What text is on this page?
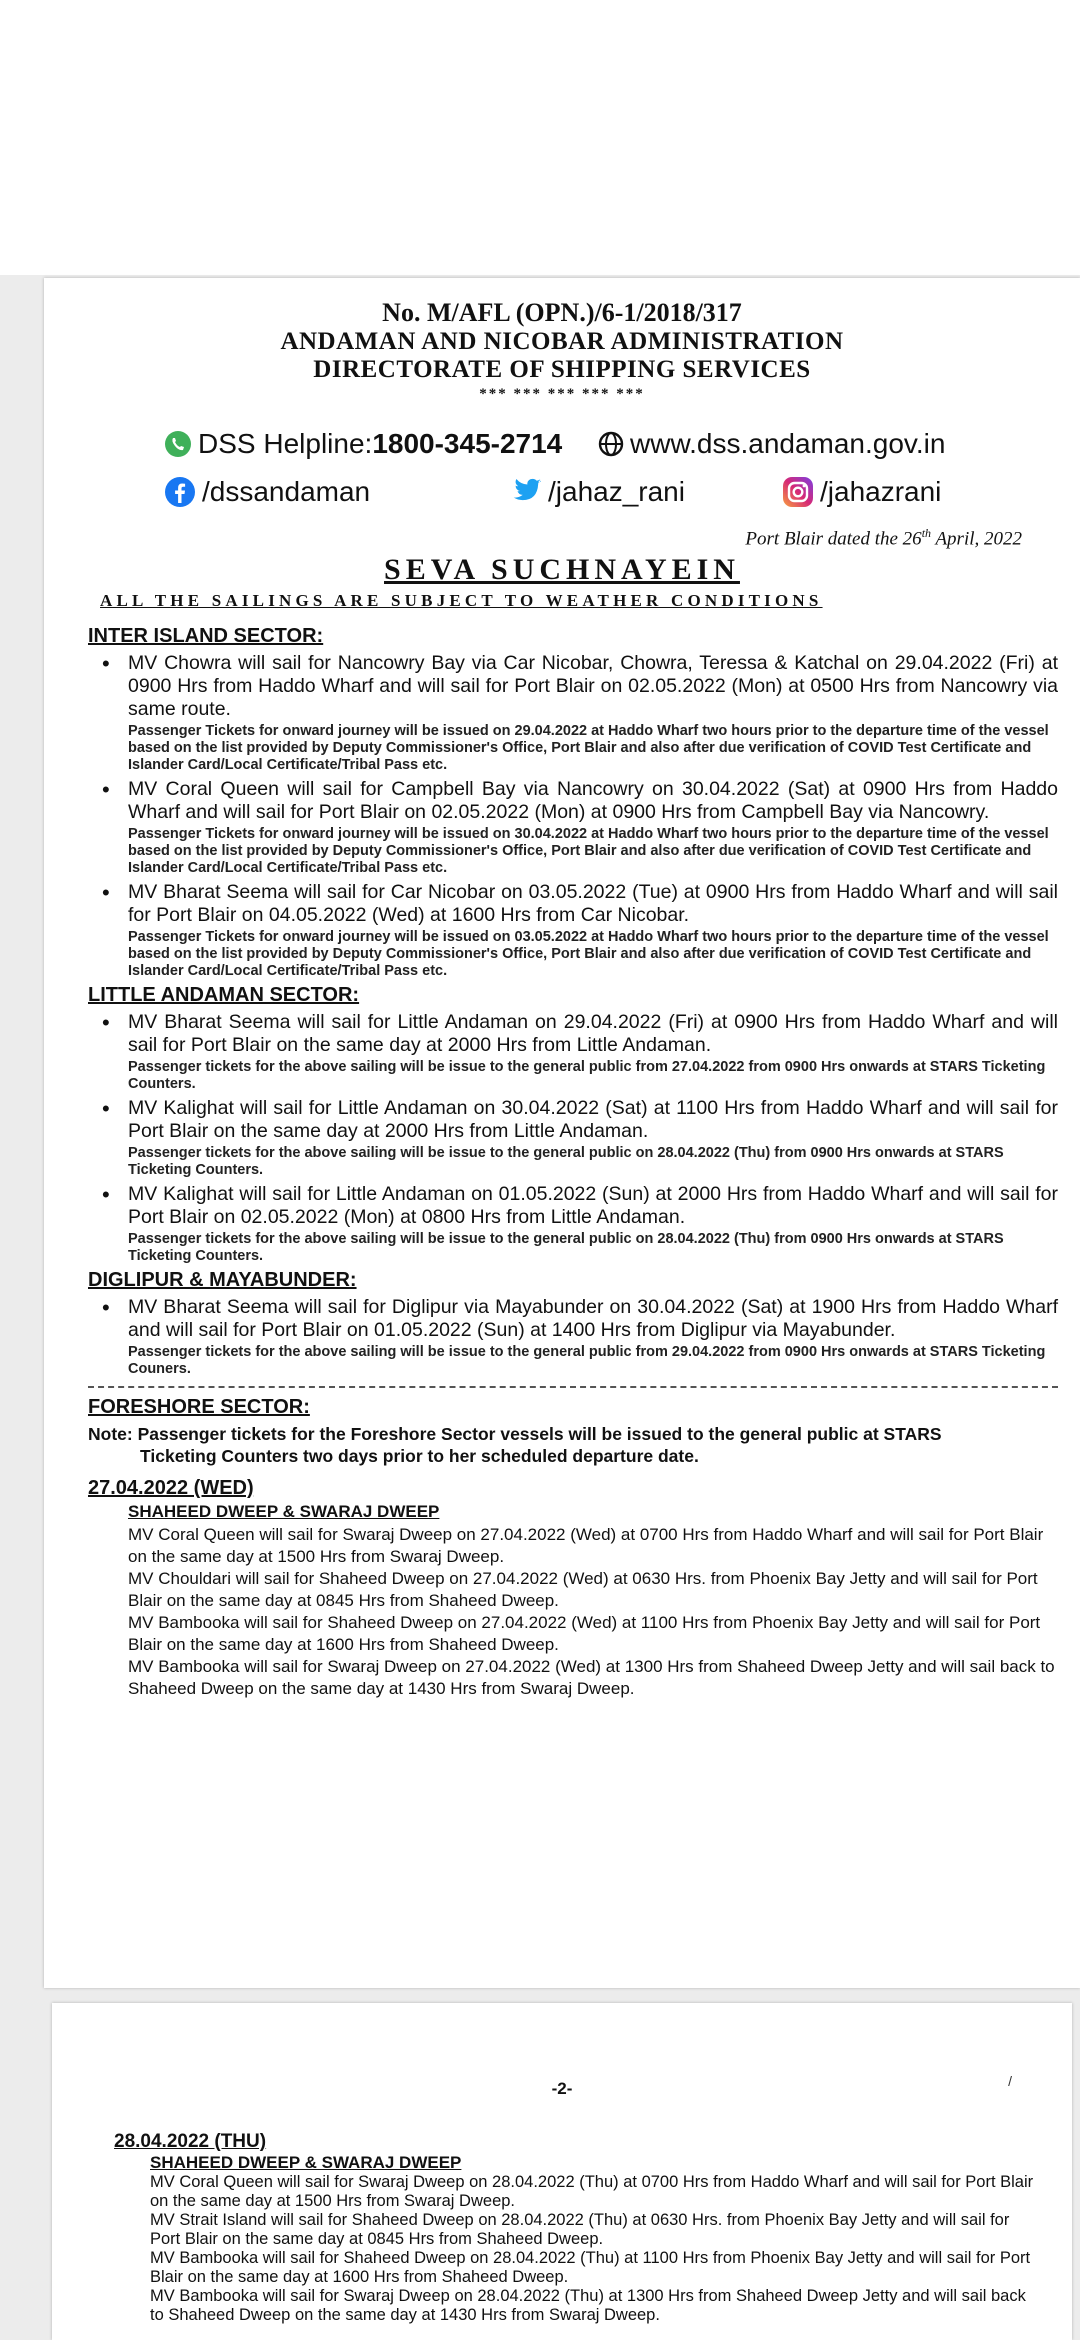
No. M/AFL (OPN.)/6-1/2018/317
ANDAMAN AND NICOBAR ADMINISTRATION
DIRECTORATE OF SHIPPING SERVICES
*** *** *** *** ***
DSS Helpline: 1800-345-2714 www.dss.andaman.gov.in
/dssandaman	/jahaz_rani	/jahazrani
Port Blair dated the 26th April, 2022
SEVA SUCHNAYEIN
ALL THE SAILINGS ARE SUBJECT TO WEATHER CONDITIONS
INTER ISLAND SECTOR:
• MV Chowra will sail for Nancowry Bay via Car Nicobar, Chowra, Teressa & Katchal on 29.04.2022 (Fri) at 0900 Hrs from Haddo Wharf and will sail for Port Blair on 02.05.2022 (Mon) at 0500 Hrs from Nancowry via same route.
Passenger Tickets for onward journey will be issued on 29.04.2022 at Haddo Wharf two hours prior to the departure time of the vessel based on the list provided by Deputy Commissioner's Office, Port Blair and also after due verification of COVID Test Certificate and Islander Card/Local Certificate/Tribal Pass etc.
• MV Coral Queen will sail for Campbell Bay via Nancowry on 30.04.2022 (Sat) at 0900 Hrs from Haddo Wharf and will sail for Port Blair on 02.05.2022 (Mon) at 0900 Hrs from Campbell Bay via Nancowry.
Passenger Tickets for onward journey will be issued on 30.04.2022 at Haddo Wharf two hours prior to the departure time of the vessel based on the list provided by Deputy Commissioner's Office, Port Blair and also after due verification of COVID Test Certificate and Islander Card/Local Certificate/Tribal Pass etc.
• MV Bharat Seema will sail for Car Nicobar on 03.05.2022 (Tue) at 0900 Hrs from Haddo Wharf and will sail for Port Blair on 04.05.2022 (Wed) at 1600 Hrs from Car Nicobar.
Passenger Tickets for onward journey will be issued on 03.05.2022 at Haddo Wharf two hours prior to the departure time of the vessel based on the list provided by Deputy Commissioner's Office, Port Blair and also after due verification of COVID Test Certificate and Islander Card/Local Certificate/Tribal Pass etc.
LITTLE ANDAMAN SECTOR:
• MV Bharat Seema will sail for Little Andaman on 29.04.2022 (Fri) at 0900 Hrs from Haddo Wharf and will sail for Port Blair on the same day at 2000 Hrs from Little Andaman.
Passenger tickets for the above sailing will be issue to the general public from 27.04.2022 from 0900 Hrs onwards at STARS Ticketing Counters.
• MV Kalighat will sail for Little Andaman on 30.04.2022 (Sat) at 1100 Hrs from Haddo Wharf and will sail for Port Blair on the same day at 2000 Hrs from Little Andaman.
Passenger tickets for the above sailing will be issue to the general public on 28.04.2022 (Thu) from 0900 Hrs onwards at STARS Ticketing Counters.
• MV Kalighat will sail for Little Andaman on 01.05.2022 (Sun) at 2000 Hrs from Haddo Wharf and will sail for Port Blair on 02.05.2022 (Mon) at 0800 Hrs from Little Andaman.
Passenger tickets for the above sailing will be issue to the general public on 28.04.2022 (Thu) from 0900 Hrs onwards at STARS Ticketing Counters.
DIGLIPUR & MAYABUNDER:
• MV Bharat Seema will sail for Diglipur via Mayabunder on 30.04.2022 (Sat) at 1900 Hrs from Haddo Wharf and will sail for Port Blair on 01.05.2022 (Sun) at 1400 Hrs from Diglipur via Mayabunder.
Passenger tickets for the above sailing will be issue to the general public from 29.04.2022 from 0900 Hrs onwards at STARS Ticketing Couners.
FORESHORE SECTOR:
Note: Passenger tickets for the Foreshore Sector vessels will be issued to the general public at STARS
Ticketing Counters two days prior to her scheduled departure date.
27.04.2022 (WED)
SHAHEED DWEEP & SWARAJ DWEEP
MV Coral Queen will sail for Swaraj Dweep on 27.04.2022 (Wed) at 0700 Hrs from Haddo Wharf and will sail for Port Blair on the same day at 1500 Hrs from Swaraj Dweep.
MV Chouldari will sail for Shaheed Dweep on 27.04.2022 (Wed) at 0630 Hrs. from Phoenix Bay Jetty and will sail for Port Blair on the same day at 0845 Hrs from Shaheed Dweep.
MV Bambooka will sail for Shaheed Dweep on 27.04.2022 (Wed) at 1100 Hrs from Phoenix Bay Jetty and will sail for Port Blair on the same day at 1600 Hrs from Shaheed Dweep.
MV Bambooka will sail for Swaraj Dweep on 27.04.2022 (Wed) at 1300 Hrs from Shaheed Dweep Jetty and will sail back to Shaheed Dweep on the same day at 1430 Hrs from Swaraj Dweep.
-2-	/
28.04.2022 (THU)
SHAHEED DWEEP & SWARAJ DWEEP
MV Coral Queen will sail for Swaraj Dweep on 28.04.2022 (Thu) at 0700 Hrs from Haddo Wharf and will sail for Port Blair on the same day at 1500 Hrs from Swaraj Dweep.
MV Strait Island will sail for Shaheed Dweep on 28.04.2022 (Thu) at 0630 Hrs. from Phoenix Bay Jetty and will sail for Port Blair on the same day at 0845 Hrs from Shaheed Dweep.
MV Bambooka will sail for Shaheed Dweep on 28.04.2022 (Thu) at 1100 Hrs from Phoenix Bay Jetty and will sail for Port Blair on the same day at 1600 Hrs from Shaheed Dweep.
MV Bambooka will sail for Swaraj Dweep on 28.04.2022 (Thu) at 1300 Hrs from Shaheed Dweep Jetty and will sail back to Shaheed Dweep on the same day at 1430 Hrs from Swaraj Dweep.
